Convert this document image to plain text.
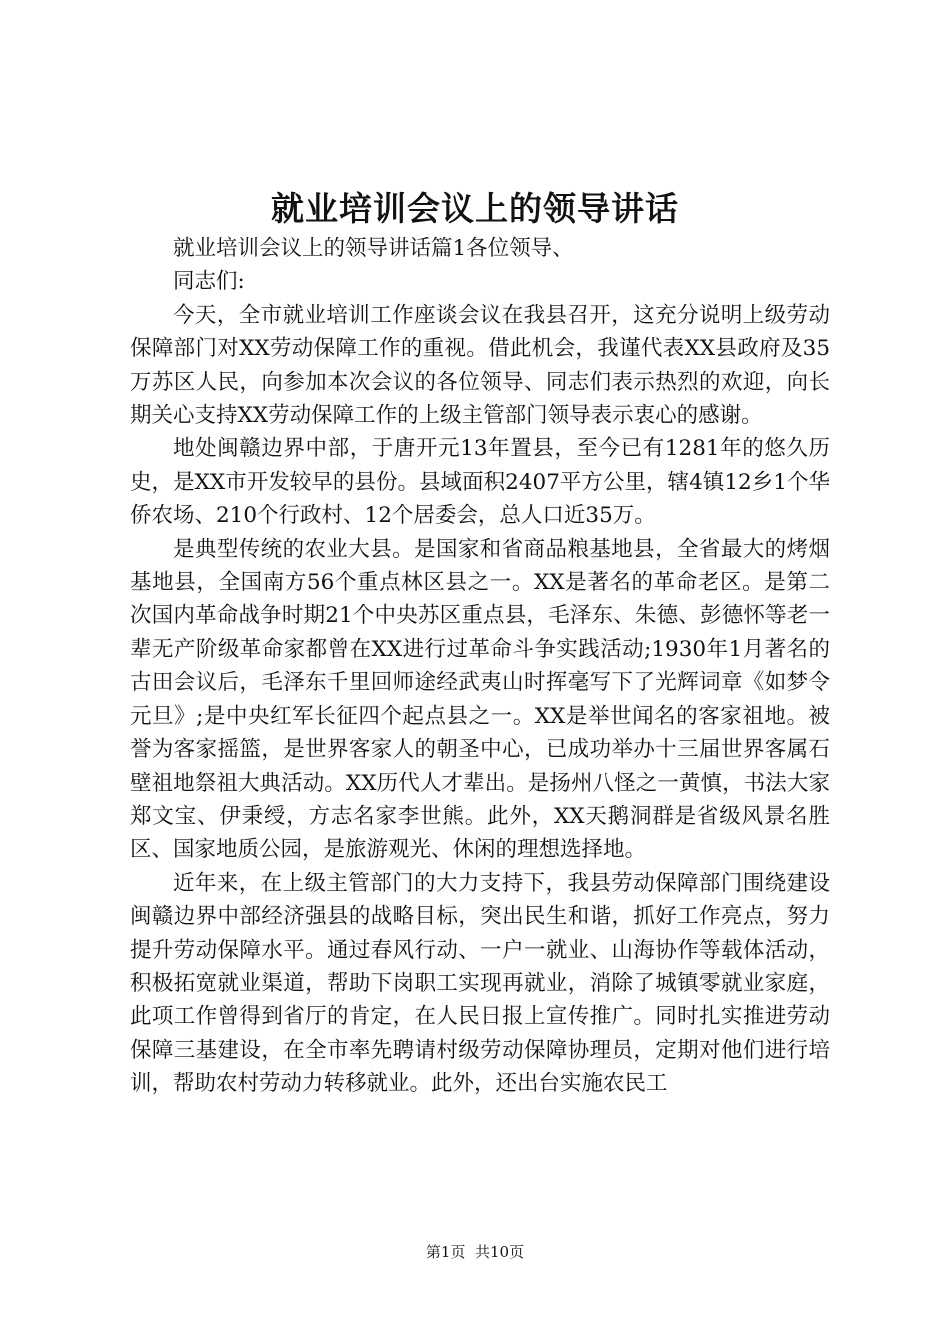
就业培训会议上的领导讲话

就业培训会议上的领导讲话篇1各位领导、

同志们:

今天，全市就业培训工作座谈会议在我县召开，这充分说明上级劳动保障部门对XX劳动保障工作的重视。借此机会，我谨代表XX县政府及35万苏区人民，向参加本次会议的各位领导、同志们表示热烈的欢迎，向长期关心支持XX劳动保障工作的上级主管部门领导表示衷心的感谢。

地处闽赣边界中部，于唐开元13年置县，至今已有1281年的悠久历史，是XX市开发较早的县份。县域面积2407平方公里，辖4镇12乡1个华侨农场、210个行政村、12个居委会，总人口近35万。

是典型传统的农业大县。是国家和省商品粮基地县，全省最大的烤烟基地县，全国南方56个重点林区县之一。XX是著名的革命老区。是第二次国内革命战争时期21个中央苏区重点县，毛泽东、朱德、彭德怀等老一辈无产阶级革命家都曾在XX进行过革命斗争实践活动;1930年1月著名的古田会议后，毛泽东千里回师途经武夷山时挥毫写下了光辉词章《如梦令元旦》;是中央红军长征四个起点县之一。XX是举世闻名的客家祖地。被誉为客家摇篮，是世界客家人的朝圣中心，已成功举办十三届世界客属石壁祖地祭祖大典活动。XX历代人才辈出。是扬州八怪之一黄慎，书法大家郑文宝、伊秉绶，方志名家李世熊。此外，XX天鹅洞群是省级风景名胜区、国家地质公园，是旅游观光、休闲的理想选择地。

近年来，在上级主管部门的大力支持下，我县劳动保障部门围绕建设闽赣边界中部经济强县的战略目标，突出民生和谐，抓好工作亮点，努力提升劳动保障水平。通过春风行动、一户一就业、山海协作等载体活动，积极拓宽就业渠道，帮助下岗职工实现再就业，消除了城镇零就业家庭，此项工作曾得到省厅的肯定，在人民日报上宣传推广。同时扎实推进劳动保障三基建设，在全市率先聘请村级劳动保障协理员，定期对他们进行培训，帮助农村劳动力转移就业。此外，还出台实施农民工

第1页 共10页
